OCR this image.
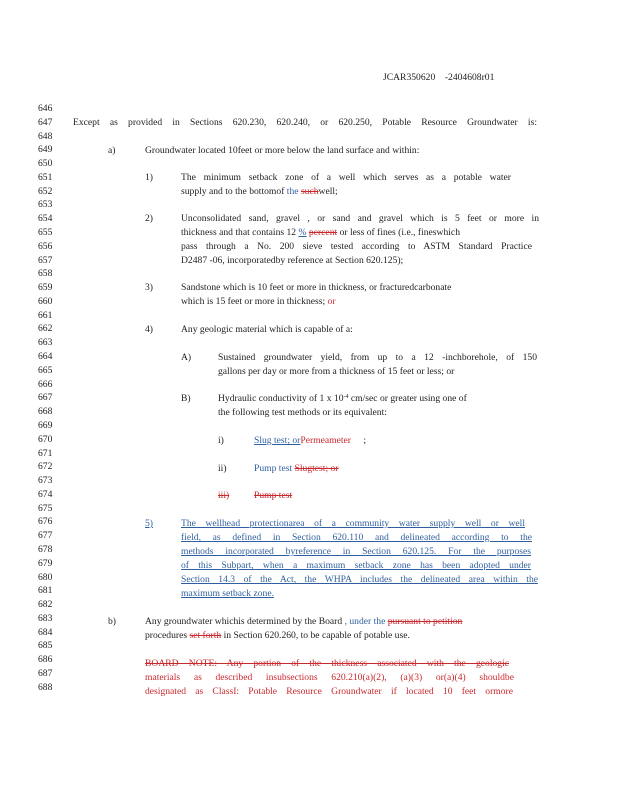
JCAR350620    -2404608r01
646
647
648
649
650
651
652
653
654
655
656
657
658
659
660
661
662
663
664
665
666
667
668
669
670
671
672
673
674
675
676
677
678
679
680
681
682
683
684
685
686
687
688
Except as provided in Sections 620.230, 620.240, or 620.250, Potable Resource Groundwater is:
a)	Groundwater located 10feet or more below the land surface and within:
1)	The minimum setback zone of a well which serves as a potable water
supply and to the bottomof the suchwell;
2)	Unconsolidated sand, gravel , or sand and gravel which is 5 feet or more in
thickness and that contains 12 % percent or less of fines (i.e., fineswhich
pass through a No. 200 sieve tested according to ASTM Standard Practice
D2487 -06, incorporatedby reference at Section 620.125);
3)	Sandstone which is 10 feet or more in thickness, or fracturedcarbonate
which is 15 feet or more in thickness; or
4)	Any geologic material which is capable of a:
A)	Sustained groundwater yield, from up to a 12 -inchborehole, of 150
gallons per day or more from a thickness of 15 feet or less; or
B)	Hydraulic conductivity of 1 x $10^{-4}$ cm/sec or greater using one of
the following test methods or its equivalent:
i)	Slug test; orPermeameter ;
ii)	Pump test Slugtest; or
iii)	Pump test
5)	The wellhead protectionarea of a community water supply well or well
field, as defined in Section 620.110 and delineated according to the
methods incorporated byreference in Section 620.125. For the purposes
of this Subpart, when a maximum setback zone has been adopted under
Section 14.3 of the Act, the WHPA includes the delineated area within the
maximum setback zone.
b)	Any groundwater whichis determined by the Board , under the pursuant to petition
procedures set forth in Section 620.260, to be capable of potable use.
BOARD NOTE: Any portion of the thickness associated with the geologic
materials as described insubsections 620.210(a)(2), (a)(3) or(a)(4) shouldbe
designated as ClassI: Potable Resource Groundwater if located 10 feet ormore
